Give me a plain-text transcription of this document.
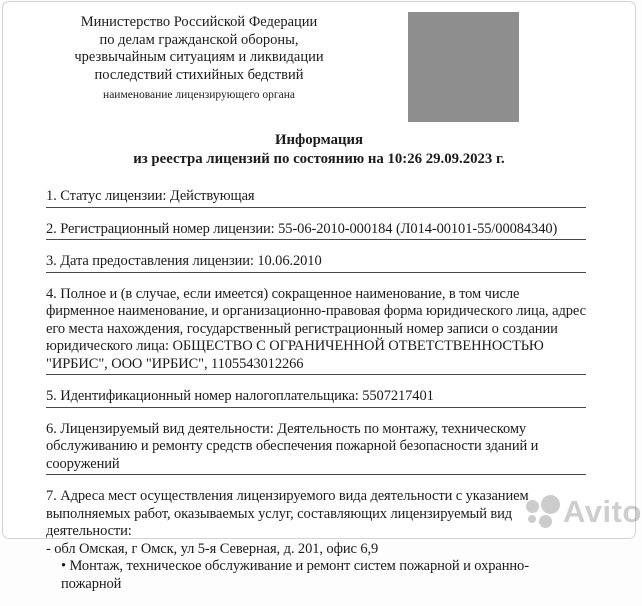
Министерство Российской Федерации

по делам гражданской обороны,

чрезвычайным ситуациям и ликвидации

последствий стихийных бедствий

наименование лицензирующего органа

Информация

из реестра лицензий по состоянию на 10:26 29.09.2023 г.

1. Статус лицензии: Действующая

2. Регистрационный номер лицензии: 55-06-2010-000184 (Л014-00101-55/00084340)

3. Дата предоставления лицензии: 10.06.2010

4. Полное и (в случае, если имеется) сокращенное наименование, в том числе фирменное наименование, и организационно-правовая форма юридического лица, адрес его места нахождения, государственный регистрационный номер записи о создании юридического лица: ОБЩЕСТВО С ОГРАНИЧЕННОЙ ОТВЕТСТВЕННОСТЬЮ "ИРБИС", ООО "ИРБИС", 1105543012266

5. Идентификационный номер налогоплательщика: 5507217401

6. Лицензируемый вид деятельности: Деятельность по монтажу, техническому обслуживанию и ремонту средств обеспечения пожарной безопасности зданий и сооружений

7. Адреса мест осуществления лицензируемого вида деятельности с указанием выполняемых работ, оказываемых услуг, составляющих лицензируемый вид деятельности:

- обл Омская, г Омск, ул 5-я Северная, д. 201, офис 6,9

• Монтаж, техническое обслуживание и ремонт систем пожарной и охранно-пожарной

Avito
